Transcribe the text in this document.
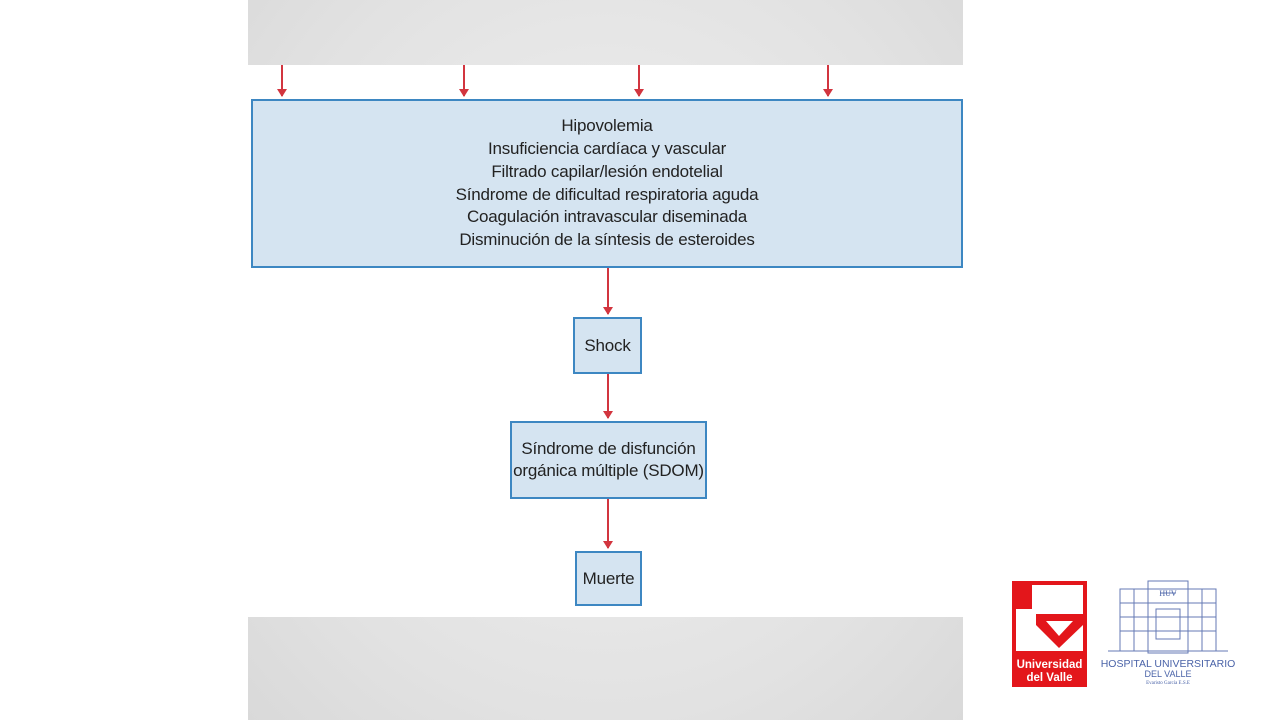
Hipovolemia
Insuficiencia cardíaca y vascular
Filtrado capilar/lesión endotelial
Síndrome de dificultad respiratoria aguda
Coagulación intravascular diseminada
Disminución de la síntesis de esteroides
Shock
Síndrome de disfunción
orgánica múltiple (SDOM)
Muerte
Universidad
del Valle
HUV
HOSPITAL UNIVERSITARIO
DEL VALLE
Evaristo García E.S.E
